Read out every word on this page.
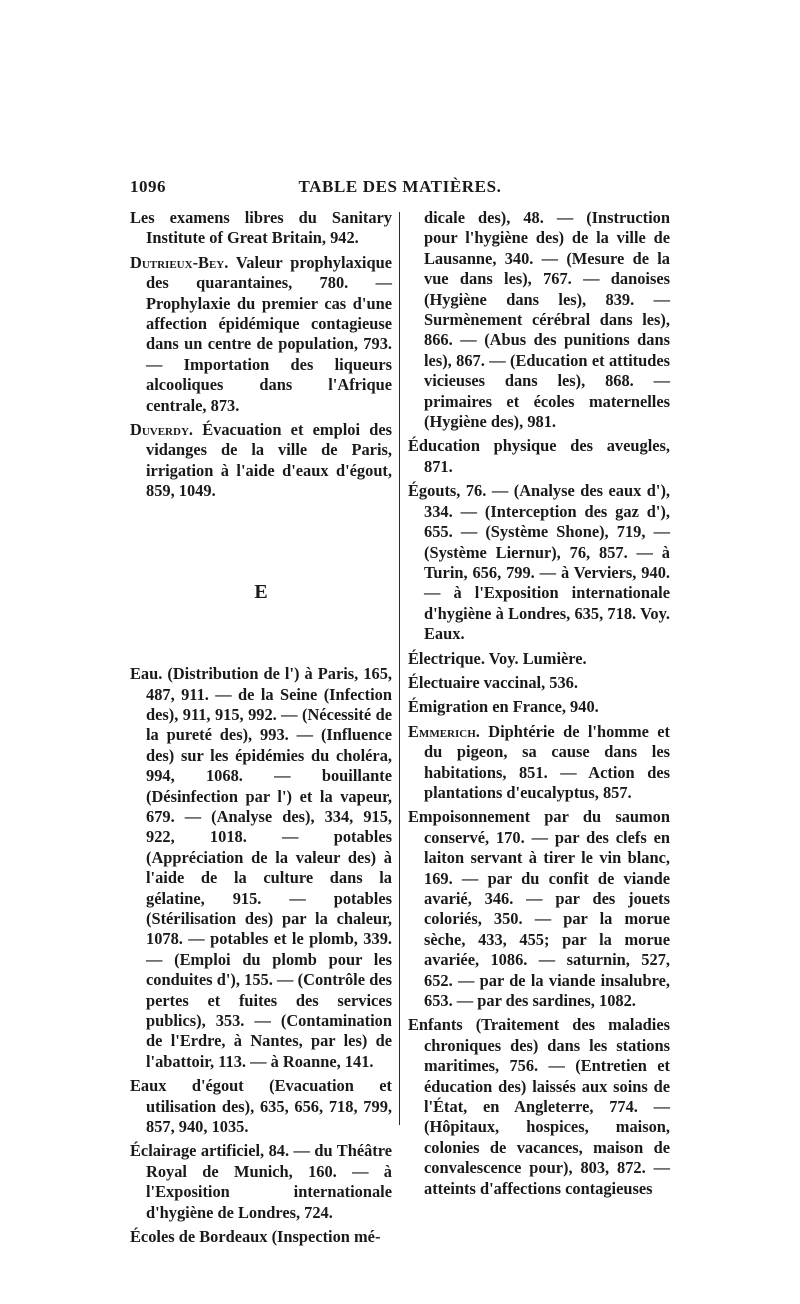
1096	TABLE DES MATIÈRES.

Les examens libres du Sanitary Institute of Great Britain, 942.

Dutrieux-Bey. Valeur prophylaxique des quarantaines, 780. — Prophylaxie du premier cas d'une affection épidémique contagieuse dans un centre de population, 793. — Importation des liqueurs alcooliques dans l'Afrique centrale, 873.

Duverdy. Évacuation et emploi des vidanges de la ville de Paris, irrigation à l'aide d'eaux d'égout, 859, 1049.

E

Eau. (Distribution de l') à Paris, 165, 487, 911. — de la Seine (Infection des), 911, 915, 992. — (Nécessité de la pureté des), 993. — (Influence des) sur les épidémies du choléra, 994, 1068. — bouillante (Désinfection par l') et la vapeur, 679. — (Analyse des), 334, 915, 922, 1018. — potables (Appréciation de la valeur des) à l'aide de la culture dans la gélatine, 915. — potables (Stérilisation des) par la chaleur, 1078. — potables et le plomb, 339. — (Emploi du plomb pour les conduites d'), 155. — (Contrôle des pertes et fuites des services publics), 353. — (Contamination de l'Erdre, à Nantes, par les) de l'abattoir, 113. — à Roanne, 141.

Eaux d'égout (Evacuation et utilisation des), 635, 656, 718, 799, 857, 940, 1035.

Éclairage artificiel, 84. — du Théâtre Royal de Munich, 160. — à l'Exposition internationale d'hygiène de Londres, 724.

Écoles de Bordeaux (Inspection mé-

dicale des), 48. — (Instruction pour l'hygiène des) de la ville de Lausanne, 340. — (Mesure de la vue dans les), 767. — danoises (Hygiène dans les), 839. — Surmènement cérébral dans les), 866. — (Abus des punitions dans les), 867. — (Education et attitudes vicieuses dans les), 868. — primaires et écoles maternelles (Hygiène des), 981.

Éducation physique des aveugles, 871.

Égouts, 76. — (Analyse des eaux d'), 334. — (Interception des gaz d'), 655. — (Système Shone), 719, — (Système Liernur), 76, 857. — à Turin, 656, 799. — à Verviers, 940. — à l'Exposition internationale d'hygiène à Londres, 635, 718. Voy. Eaux.

Électrique. Voy. Lumière.

Électuaire vaccinal, 536.

Émigration en France, 940.

Emmerich. Diphtérie de l'homme et du pigeon, sa cause dans les habitations, 851. — Action des plantations d'eucalyptus, 857.

Empoisonnement par du saumon conservé, 170. — par des clefs en laiton servant à tirer le vin blanc, 169. — par du confit de viande avarié, 346. — par des jouets coloriés, 350. — par la morue sèche, 433, 455; par la morue avariée, 1086. — saturnin, 527, 652. — par de la viande insalubre, 653. — par des sardines, 1082.

Enfants (Traitement des maladies chroniques des) dans les stations maritimes, 756. — (Entretien et éducation des) laissés aux soins de l'État, en Angleterre, 774. — (Hôpitaux, hospices, maison, colonies de vacances, maison de convalescence pour), 803, 872. — atteints d'affections contagieuses
